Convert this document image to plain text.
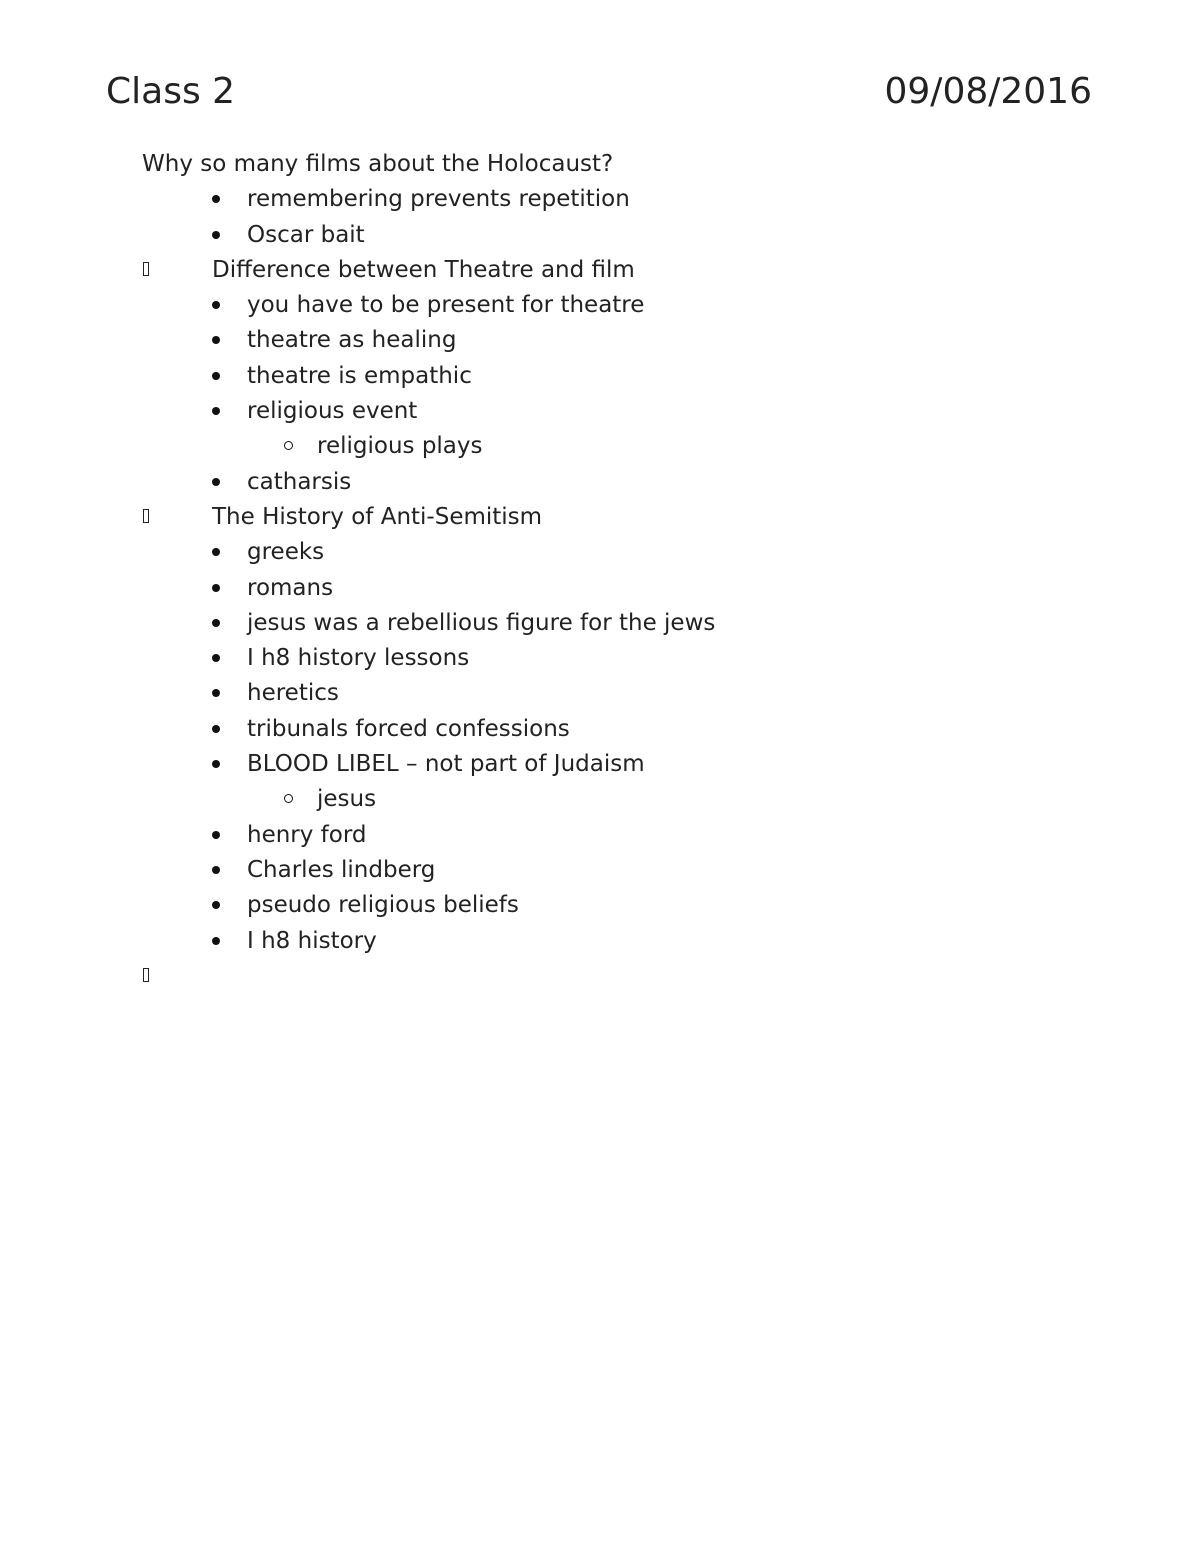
Class 2	09/08/2016
Why so many films about the Holocaust?
remembering prevents repetition
Oscar bait
Difference between Theatre and film
you have to be present for theatre
theatre as healing
theatre is empathic
religious event
religious plays
catharsis
The History of Anti-Semitism
greeks
romans
jesus was a rebellious figure for the jews
I h8 history lessons
heretics
tribunals forced confessions
BLOOD LIBEL – not part of Judaism
jesus
henry ford
Charles lindberg
pseudo religious beliefs
I h8 history
